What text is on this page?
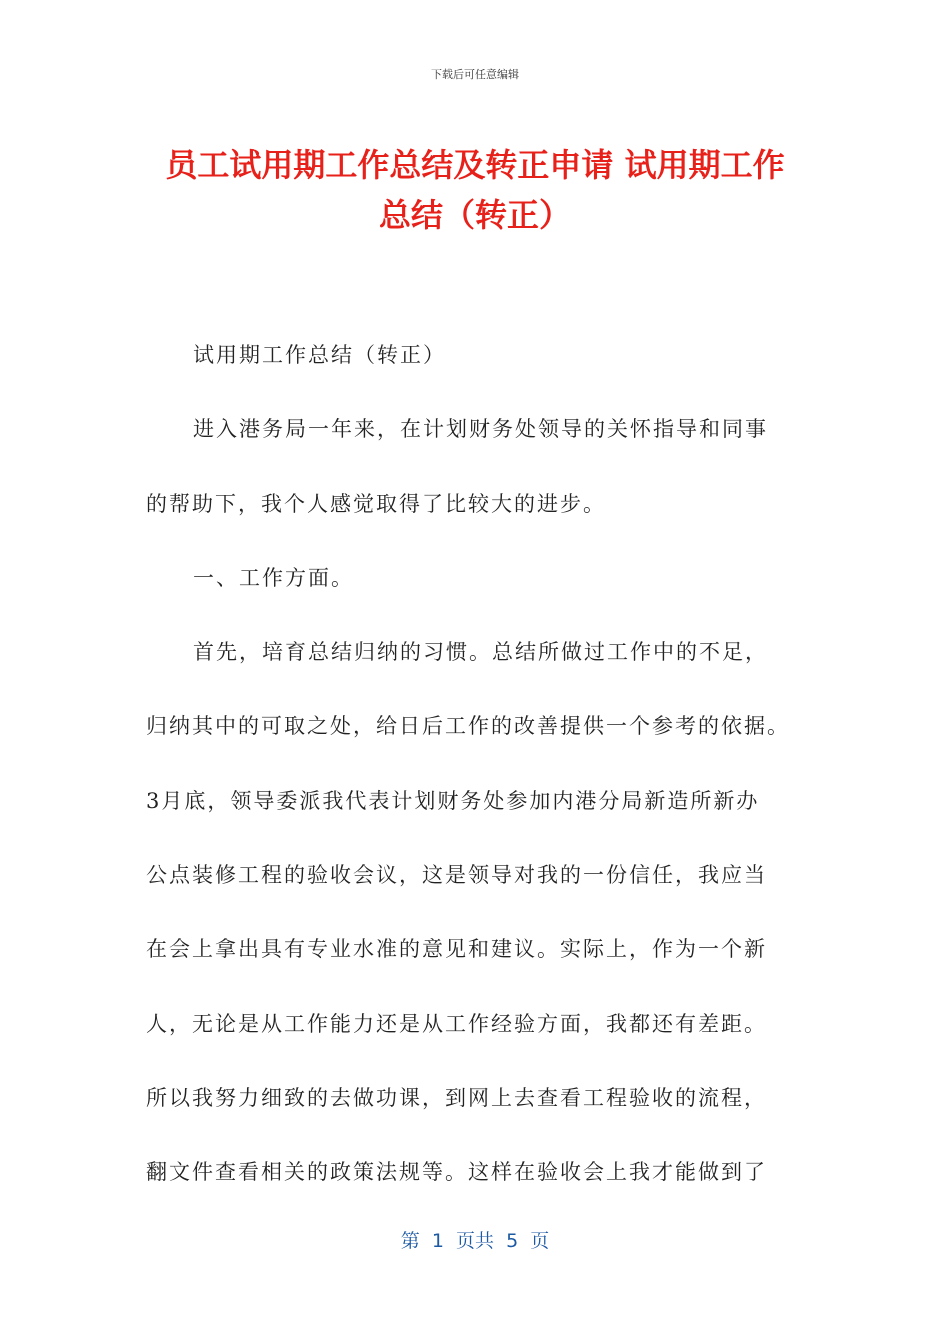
下载后可任意编辑
员工试用期工作总结及转正申请 试用期工作
总结（转正）
试用期工作总结（转正）
进入港务局一年来，在计划财务处领导的关怀指导和同事
的帮助下，我个人感觉取得了比较大的进步。
一、工作方面。
首先，培育总结归纳的习惯。总结所做过工作中的不足，
归纳其中的可取之处，给日后工作的改善提供一个参考的依据。
3月底，领导委派我代表计划财务处参加内港分局新造所新办
公点装修工程的验收会议，这是领导对我的一份信任，我应当
在会上拿出具有专业水准的意见和建议。实际上，作为一个新
人，无论是从工作能力还是从工作经验方面，我都还有差距。
所以我努力细致的去做功课，到网上去查看工程验收的流程，
翻文件查看相关的政策法规等。这样在验收会上我才能做到了
第  1  页共  5  页
